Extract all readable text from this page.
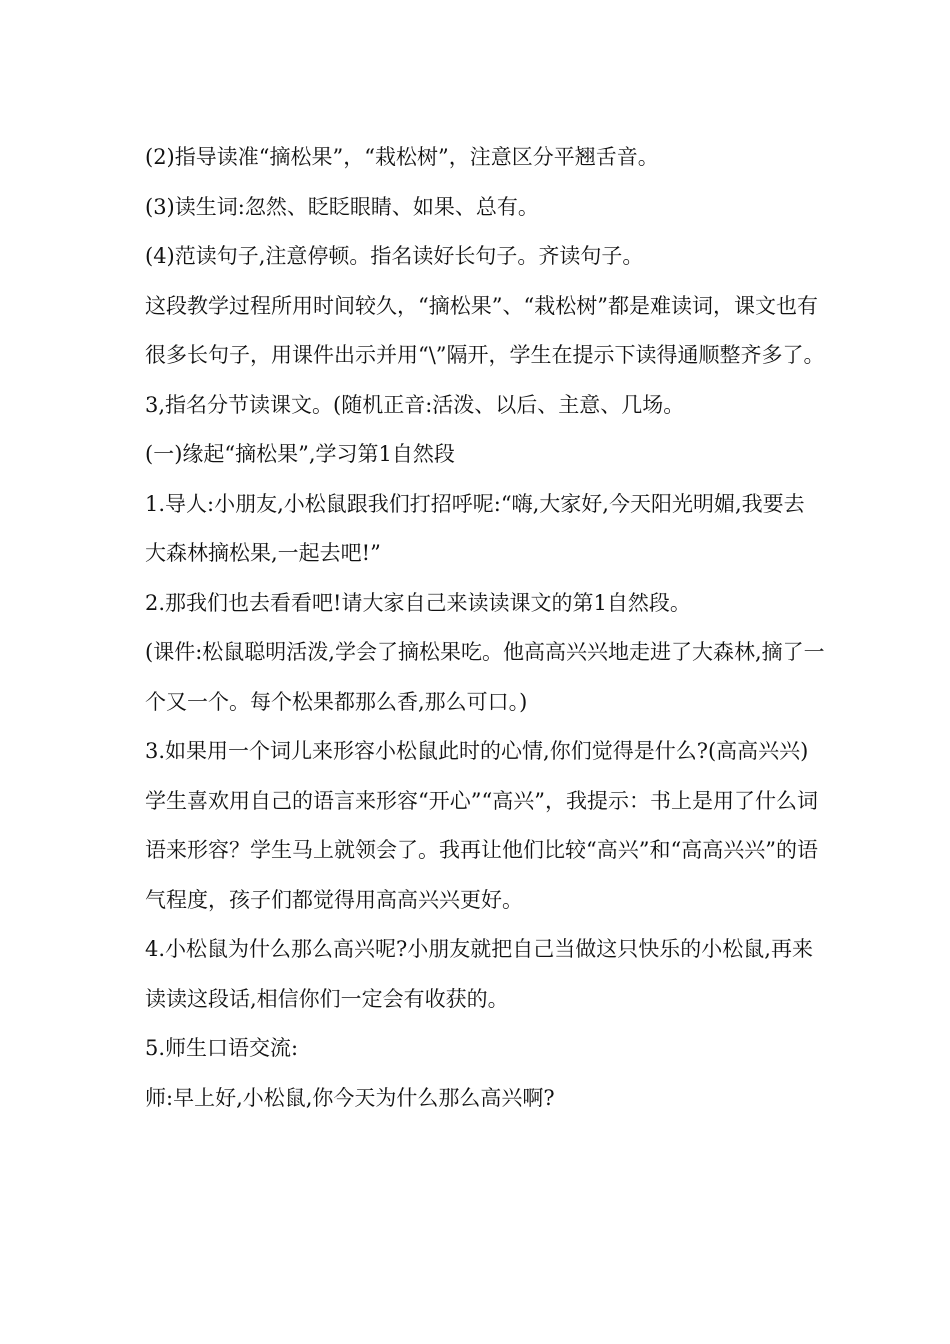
(2)指导读准“摘松果”，“栽松树”，注意区分平翘舌音。

(3)读生词:忽然、眨眨眼睛、如果、总有。

(4)范读句子,注意停顿。指名读好长句子。齐读句子。

这段教学过程所用时间较久，“摘松果”、“栽松树”都是难读词，课文也有很多长句子，用课件出示并用“\”隔开，学生在提示下读得通顺整齐多了。

3,指名分节读课文。(随机正音:活泼、以后、主意、几场。

(一)缘起“摘松果”,学习第1自然段

1.导人:小朋友,小松鼠跟我们打招呼呢:“嗨,大家好,今天阳光明媚,我要去大森林摘松果,一起去吧!”

2.那我们也去看看吧!请大家自己来读读课文的第1自然段。

(课件:松鼠聪明活泼,学会了摘松果吃。他高高兴兴地走进了大森林,摘了一个又一个。每个松果都那么香,那么可口。)

3.如果用一个词儿来形容小松鼠此时的心情,你们觉得是什么?(高高兴兴)

学生喜欢用自己的语言来形容“开心”“高兴”，我提示：书上是用了什么词语来形容？学生马上就领会了。我再让他们比较“高兴”和“高高兴兴”的语气程度，孩子们都觉得用高高兴兴更好。

4.小松鼠为什么那么高兴呢?小朋友就把自己当做这只快乐的小松鼠,再来读读这段话,相信你们一定会有收获的。

5.师生口语交流:

师:早上好,小松鼠,你今天为什么那么高兴啊?
